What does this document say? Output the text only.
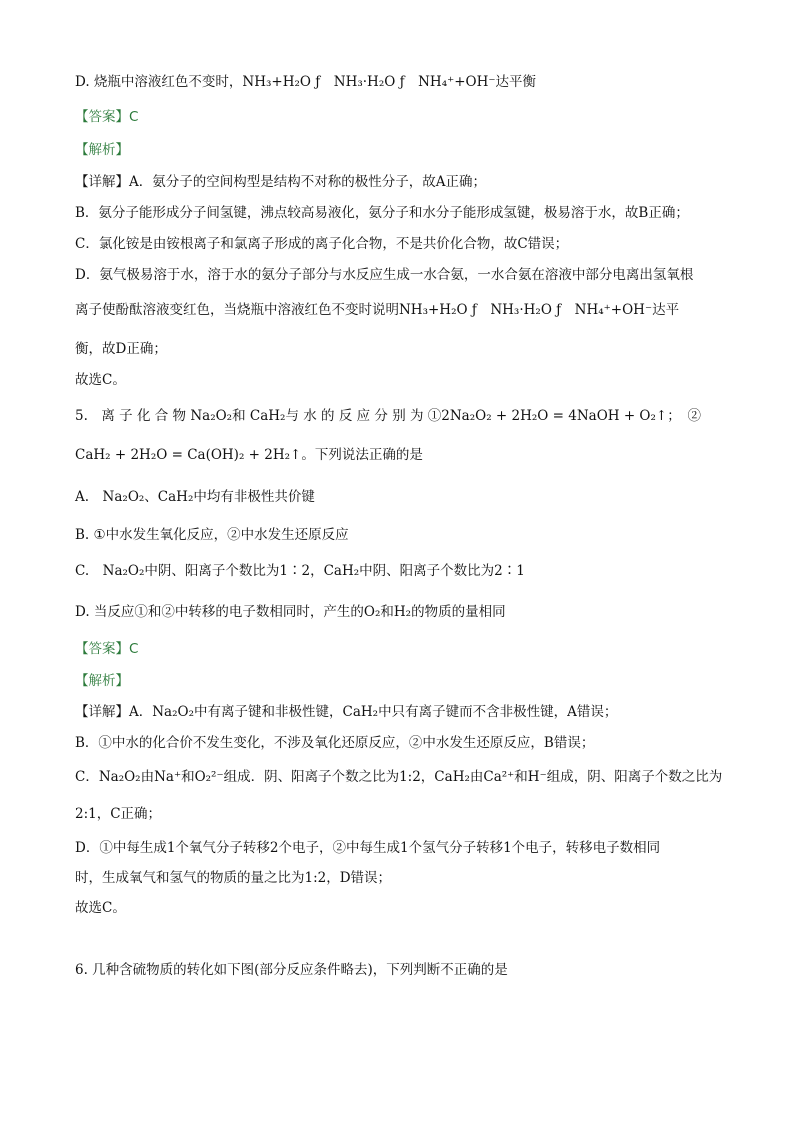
D. 烧瓶中溶液红色不变时，NH₃+H₂O ƒ　NH₃·H₂O ƒ　NH₄⁺+OH⁻达平衡
【答案】C
【解析】
【详解】A．氨分子的空间构型是结构不对称的极性分子，故A正确；
B．氨分子能形成分子间氢键，沸点较高易液化，氨分子和水分子能形成氢键，极易溶于水，故B正确；
C．氯化铵是由铵根离子和氯离子形成的离子化合物，不是共价化合物，故C错误；
D．氨气极易溶于水，溶于水的氨分子部分与水反应生成一水合氨，一水合氨在溶液中部分电离出氢氧根
离子使酚酞溶液变红色，当烧瓶中溶液红色不变时说明NH₃+H₂O ƒ　NH₃·H₂O ƒ　NH₄⁺+OH⁻达平
衡，故D正确；
故选C。
5.　离 子 化 合 物 Na₂O₂和 CaH₂与 水 的 反 应 分 别 为 ①2Na₂O₂ + 2H₂O = 4NaOH + O₂↑；　②
CaH₂ + 2H₂O = Ca(OH)₂ + 2H₂↑。下列说法正确的是
A.　Na₂O₂、CaH₂中均有非极性共价键
B. ①中水发生氧化反应，②中水发生还原反应
C.　Na₂O₂中阴、阳离子个数比为1∶2，CaH₂中阴、阳离子个数比为2∶1
D. 当反应①和②中转移的电子数相同时，产生的O₂和H₂的物质的量相同
【答案】C
【解析】
【详解】A．Na₂O₂中有离子键和非极性键，CaH₂中只有离子键而不含非极性键，A错误；
B．①中水的化合价不发生变化，不涉及氧化还原反应，②中水发生还原反应，B错误；
C．Na₂O₂由Na⁺和O₂²⁻组成．阴、阳离子个数之比为1:2，CaH₂由Ca²⁺和H⁻组成，阴、阳离子个数之比为
2:1，C正确；
D．①中每生成1个氧气分子转移2个电子，②中每生成1个氢气分子转移1个电子，转移电子数相同
时，生成氧气和氢气的物质的量之比为1:2，D错误；
故选C。
6. 几种含硫物质的转化如下图(部分反应条件略去)，下列判断不正确的是
